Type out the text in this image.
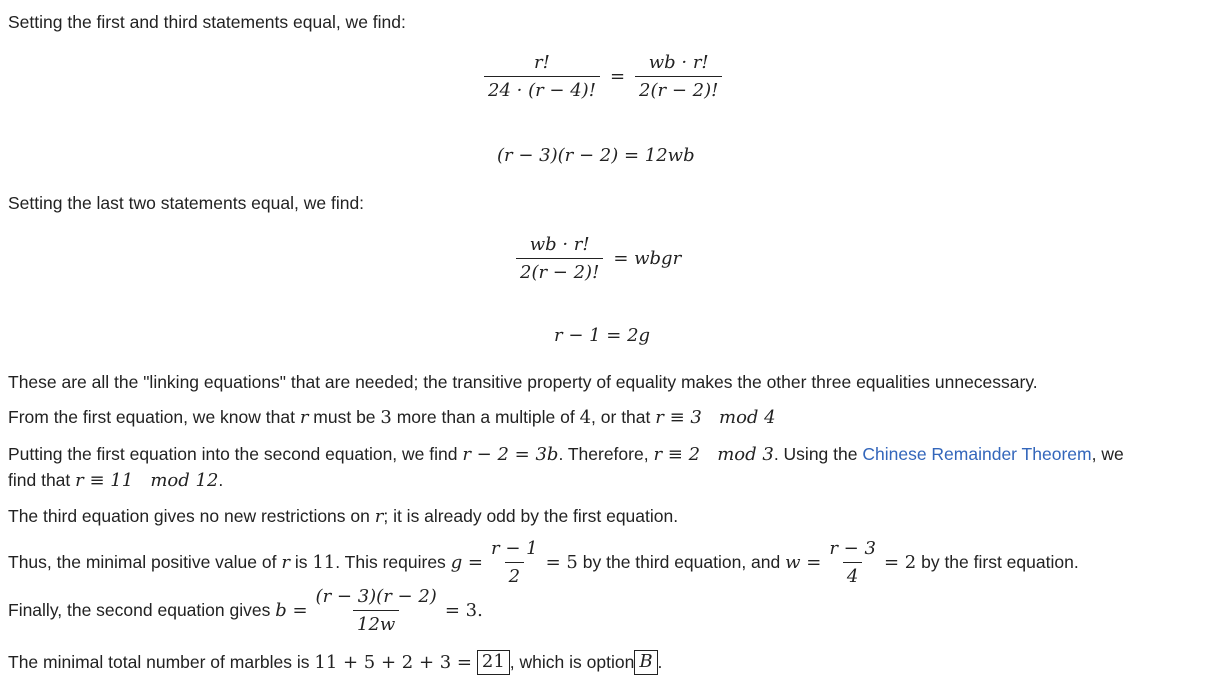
Setting the first and third statements equal, we find:
$\frac{r!}{24 \cdot (r - 4)!} = \frac{wb \cdot r!}{2(r - 2)!}$
(r − 3)(r − 2) = 12wb
Setting the last two statements equal, we find:
$\frac{wb \cdot r!}{2(r - 2)!}$ = wbgr
r − 1 = 2g
These are all the "linking equations" that are needed; the transitive property of equality makes the other three equalities unnecessary.
From the first equation, we know that r must be 3 more than a multiple of 4, or that r ≡ 3   mod 4
Putting the first equation into the second equation, we find r − 2 = 3b. Therefore, r ≡ 2   mod 3. Using the Chinese Remainder Theorem, we
find that r ≡ 11   mod 12.
The third equation gives no new restrictions on r; it is already odd by the first equation.
Thus, the minimal positive value of
r
is
11 . This requires
$g = \frac{r - 1}{2} = 5$
by the third equation, and
$w = \frac{r - 3}{4} = 2$
by the first equation.
Finally, the second equation gives
$b = \frac{(r - 3)(r - 2)}{12w} = 3$.
The minimal total number of marbles is
11 + 5 + 2 + 3 =
21 , which is option B .
